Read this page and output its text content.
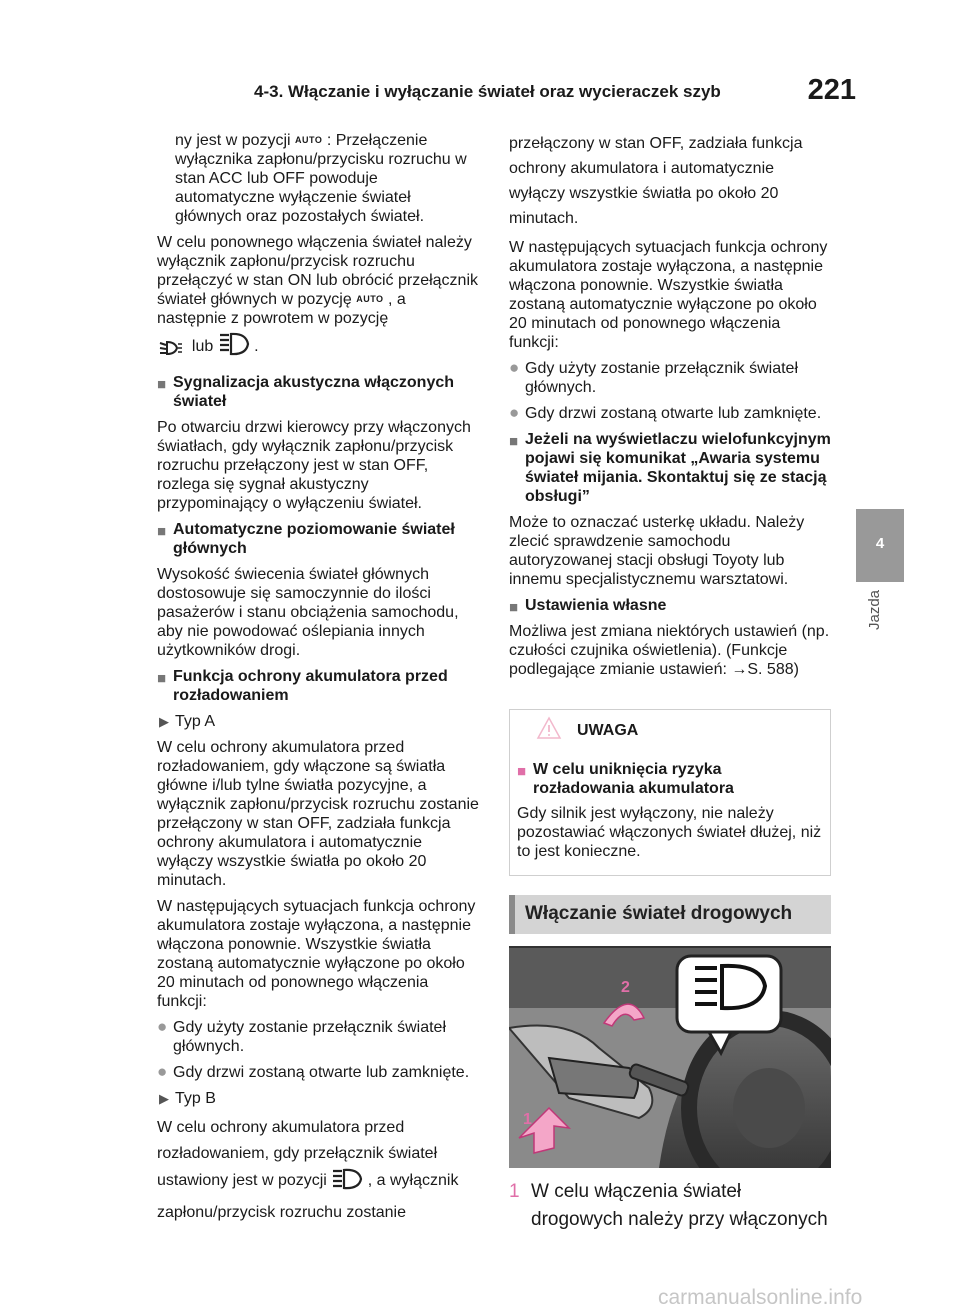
4-3. Włączanie i wyłączanie świateł oraz wycieraczek szyb	221
4
Jazda

ny jest w pozycji AUTO : Przełączenie wyłącznika zapłonu/przycisku rozruchu w stan ACC lub OFF powoduje automatyczne wyłączenie świateł głównych oraz pozostałych świateł.

W celu ponownego włączenia świateł należy wyłącznik zapłonu/przycisk rozruchu przełączyć w stan ON lub obrócić przełącznik świateł głównych w pozycję AUTO , a następnie z powrotem w pozycję

lub	.

■ Sygnalizacja akustyczna włączonych świateł

Po otwarciu drzwi kierowcy przy włączonych światłach, gdy wyłącznik zapłonu/przycisk rozruchu przełączony jest w stan OFF, rozlega się sygnał akustyczny przypominający o wyłączeniu świateł.

■ Automatyczne poziomowanie świateł głównych

Wysokość świecenia świateł głównych dostosowuje się samoczynnie do ilości pasażerów i stanu obciążenia samochodu, aby nie powodować oślepiania innych użytkowników drogi.

■ Funkcja ochrony akumulatora przed rozładowaniem

▶ Typ A

W celu ochrony akumulatora przed rozładowaniem, gdy włączone są światła główne i/lub tylne światła pozycyjne, a wyłącznik zapłonu/przycisk rozruchu zostanie przełączony w stan OFF, zadziała funkcja ochrony akumulatora i automatycznie wyłączy wszystkie światła po około 20 minutach.

W następujących sytuacjach funkcja ochrony akumulatora zostaje wyłączona, a następnie włączona ponownie. Wszystkie światła zostaną automatycznie wyłączone po około 20 minutach od ponownego włączenia funkcji:

● Gdy użyty zostanie przełącznik świateł głównych.

● Gdy drzwi zostaną otwarte lub zamknięte.

▶ Typ B

W celu ochrony akumulatora przed rozładowaniem, gdy przełącznik świateł ustawiony jest w pozycji	, a wyłącznik zapłonu/przycisk rozruchu zostanie

przełączony w stan OFF, zadziała funkcja ochrony akumulatora i automatycznie wyłączy wszystkie światła po około 20 minutach.

W następujących sytuacjach funkcja ochrony akumulatora zostaje wyłączona, a następnie włączona ponownie. Wszystkie światła zostaną automatycznie wyłączone po około 20 minutach od ponownego włączenia funkcji:

● Gdy użyty zostanie przełącznik świateł głównych.

● Gdy drzwi zostaną otwarte lub zamknięte.

■ Jeżeli na wyświetlaczu wielofunkcyjnym pojawi się komunikat „Awaria systemu świateł mijania. Skontaktuj się ze stacją obsługi”

Może to oznaczać usterkę układu. Należy zlecić sprawdzenie samochodu autoryzowanej stacji obsługi Toyoty lub innemu specjalistycznemu warsztatowi.

■ Ustawienia własne

Możliwa jest zmiana niektórych ustawień (np. czułości czujnika oświetlenia). (Funkcje podlegające zmianie ustawień: →S. 588)

UWAGA

■ W celu uniknięcia ryzyka rozładowania akumulatora

Gdy silnik jest wyłączony, nie należy pozostawiać włączonych świateł dłużej, niż to jest konieczne.

Włączanie świateł drogowych
1
2
1 W celu włączenia świateł drogowych należy przy włączonych
carmanualsonline.info
